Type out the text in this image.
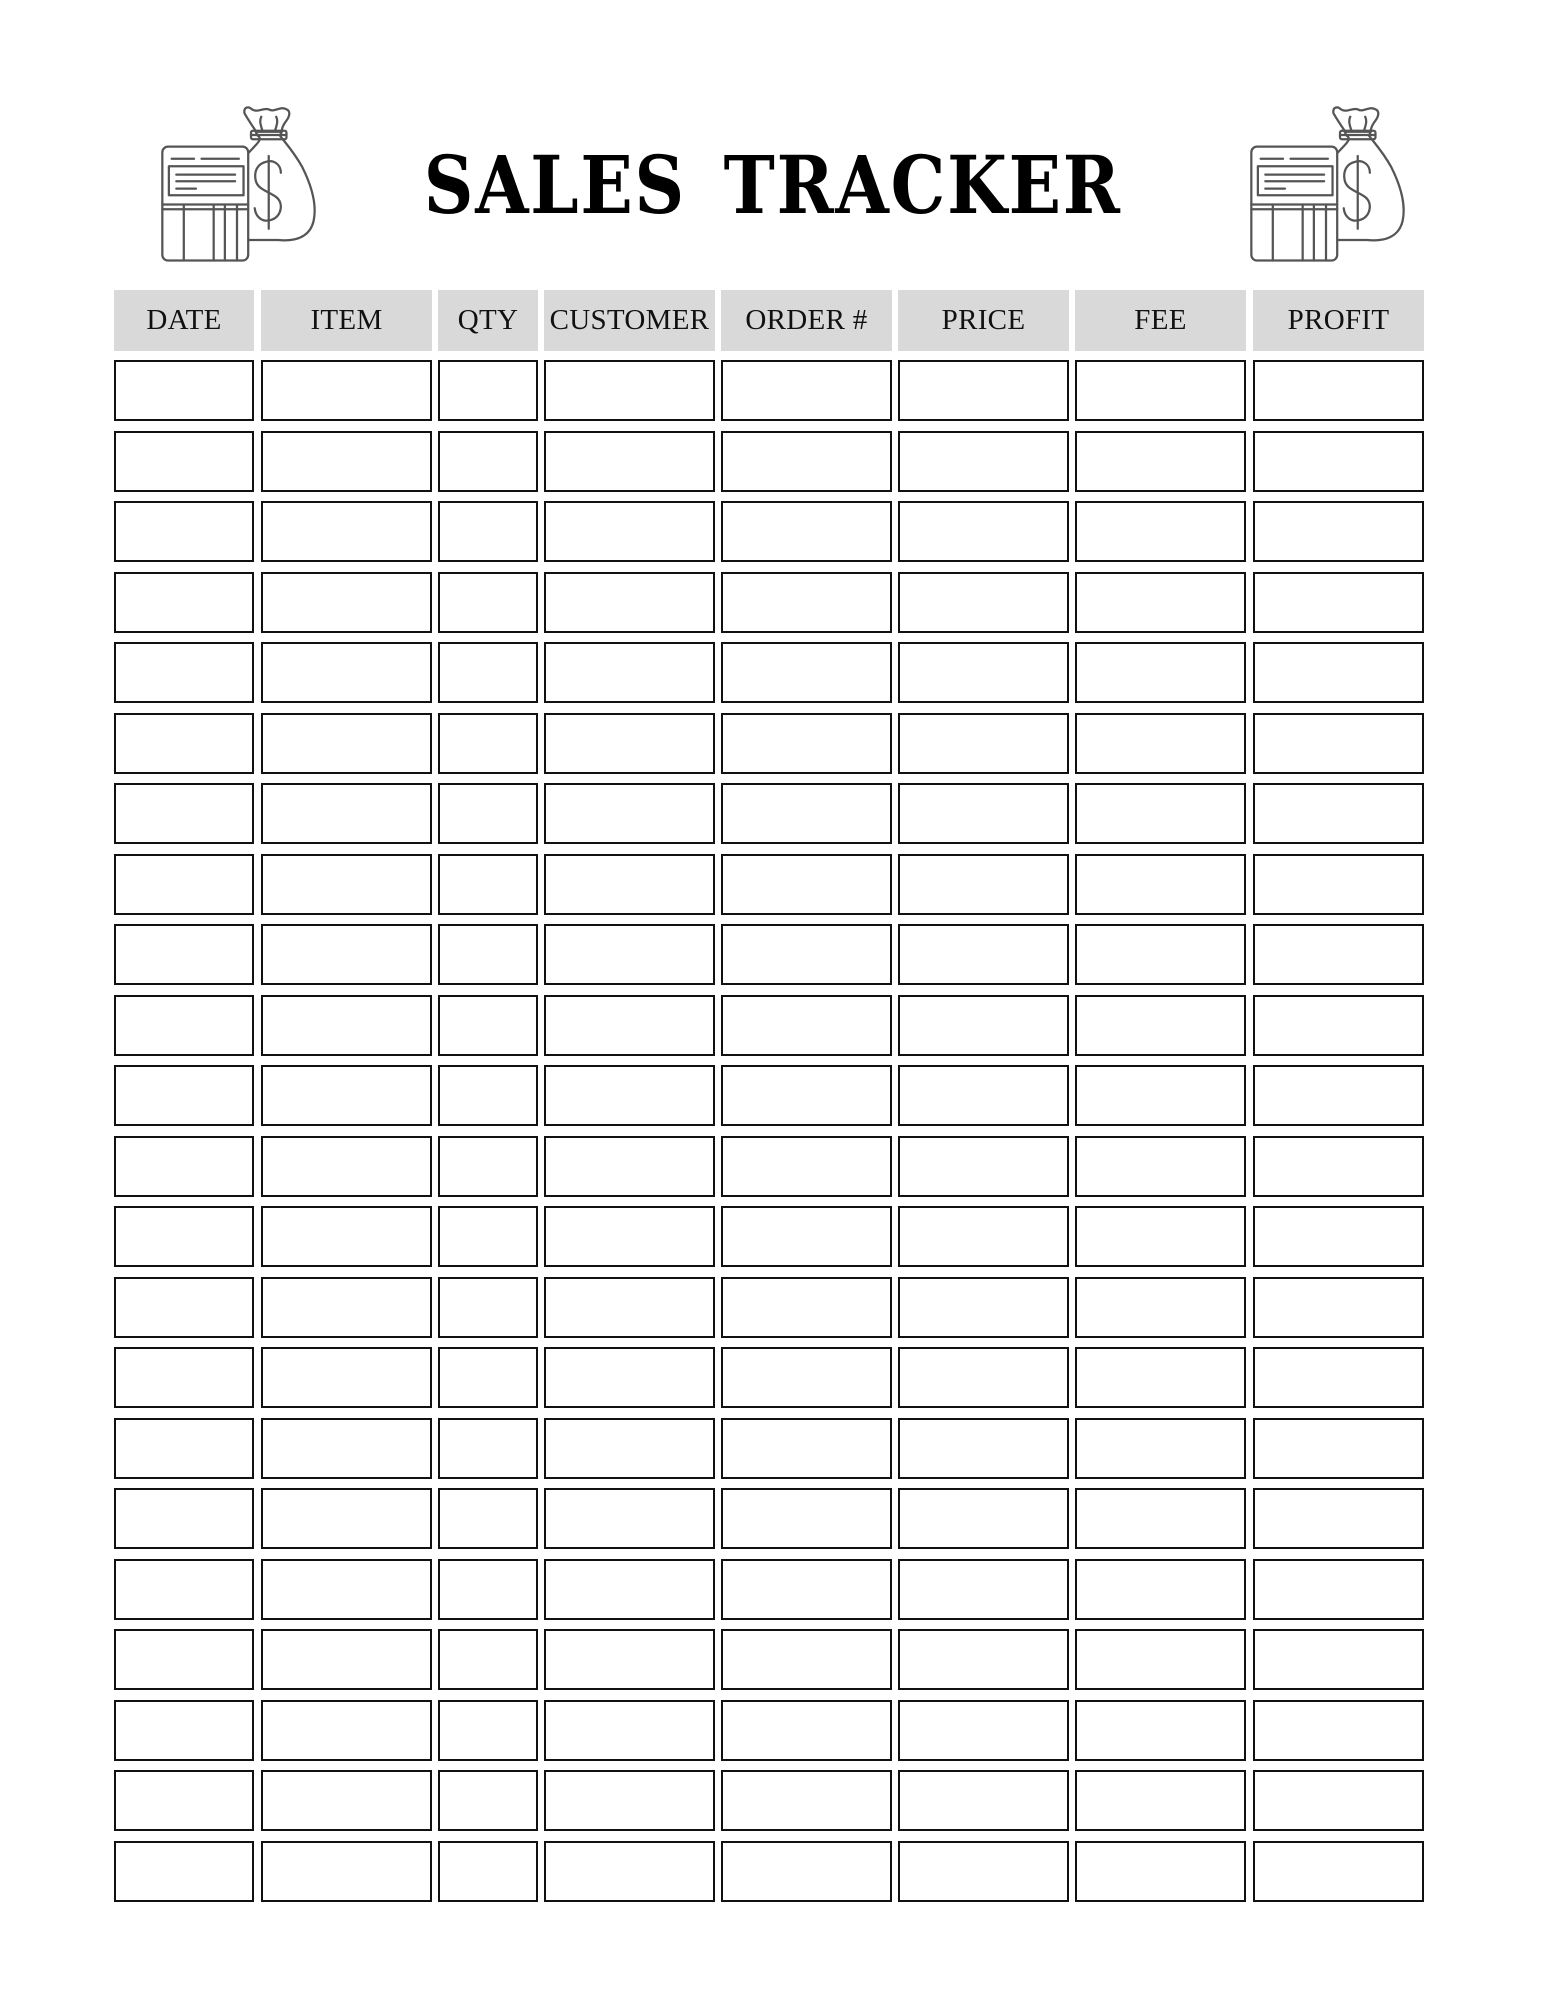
SALES TRACKER
DATE	ITEM	QTY	CUSTOMER	ORDER #	PRICE	FEE	PROFIT
